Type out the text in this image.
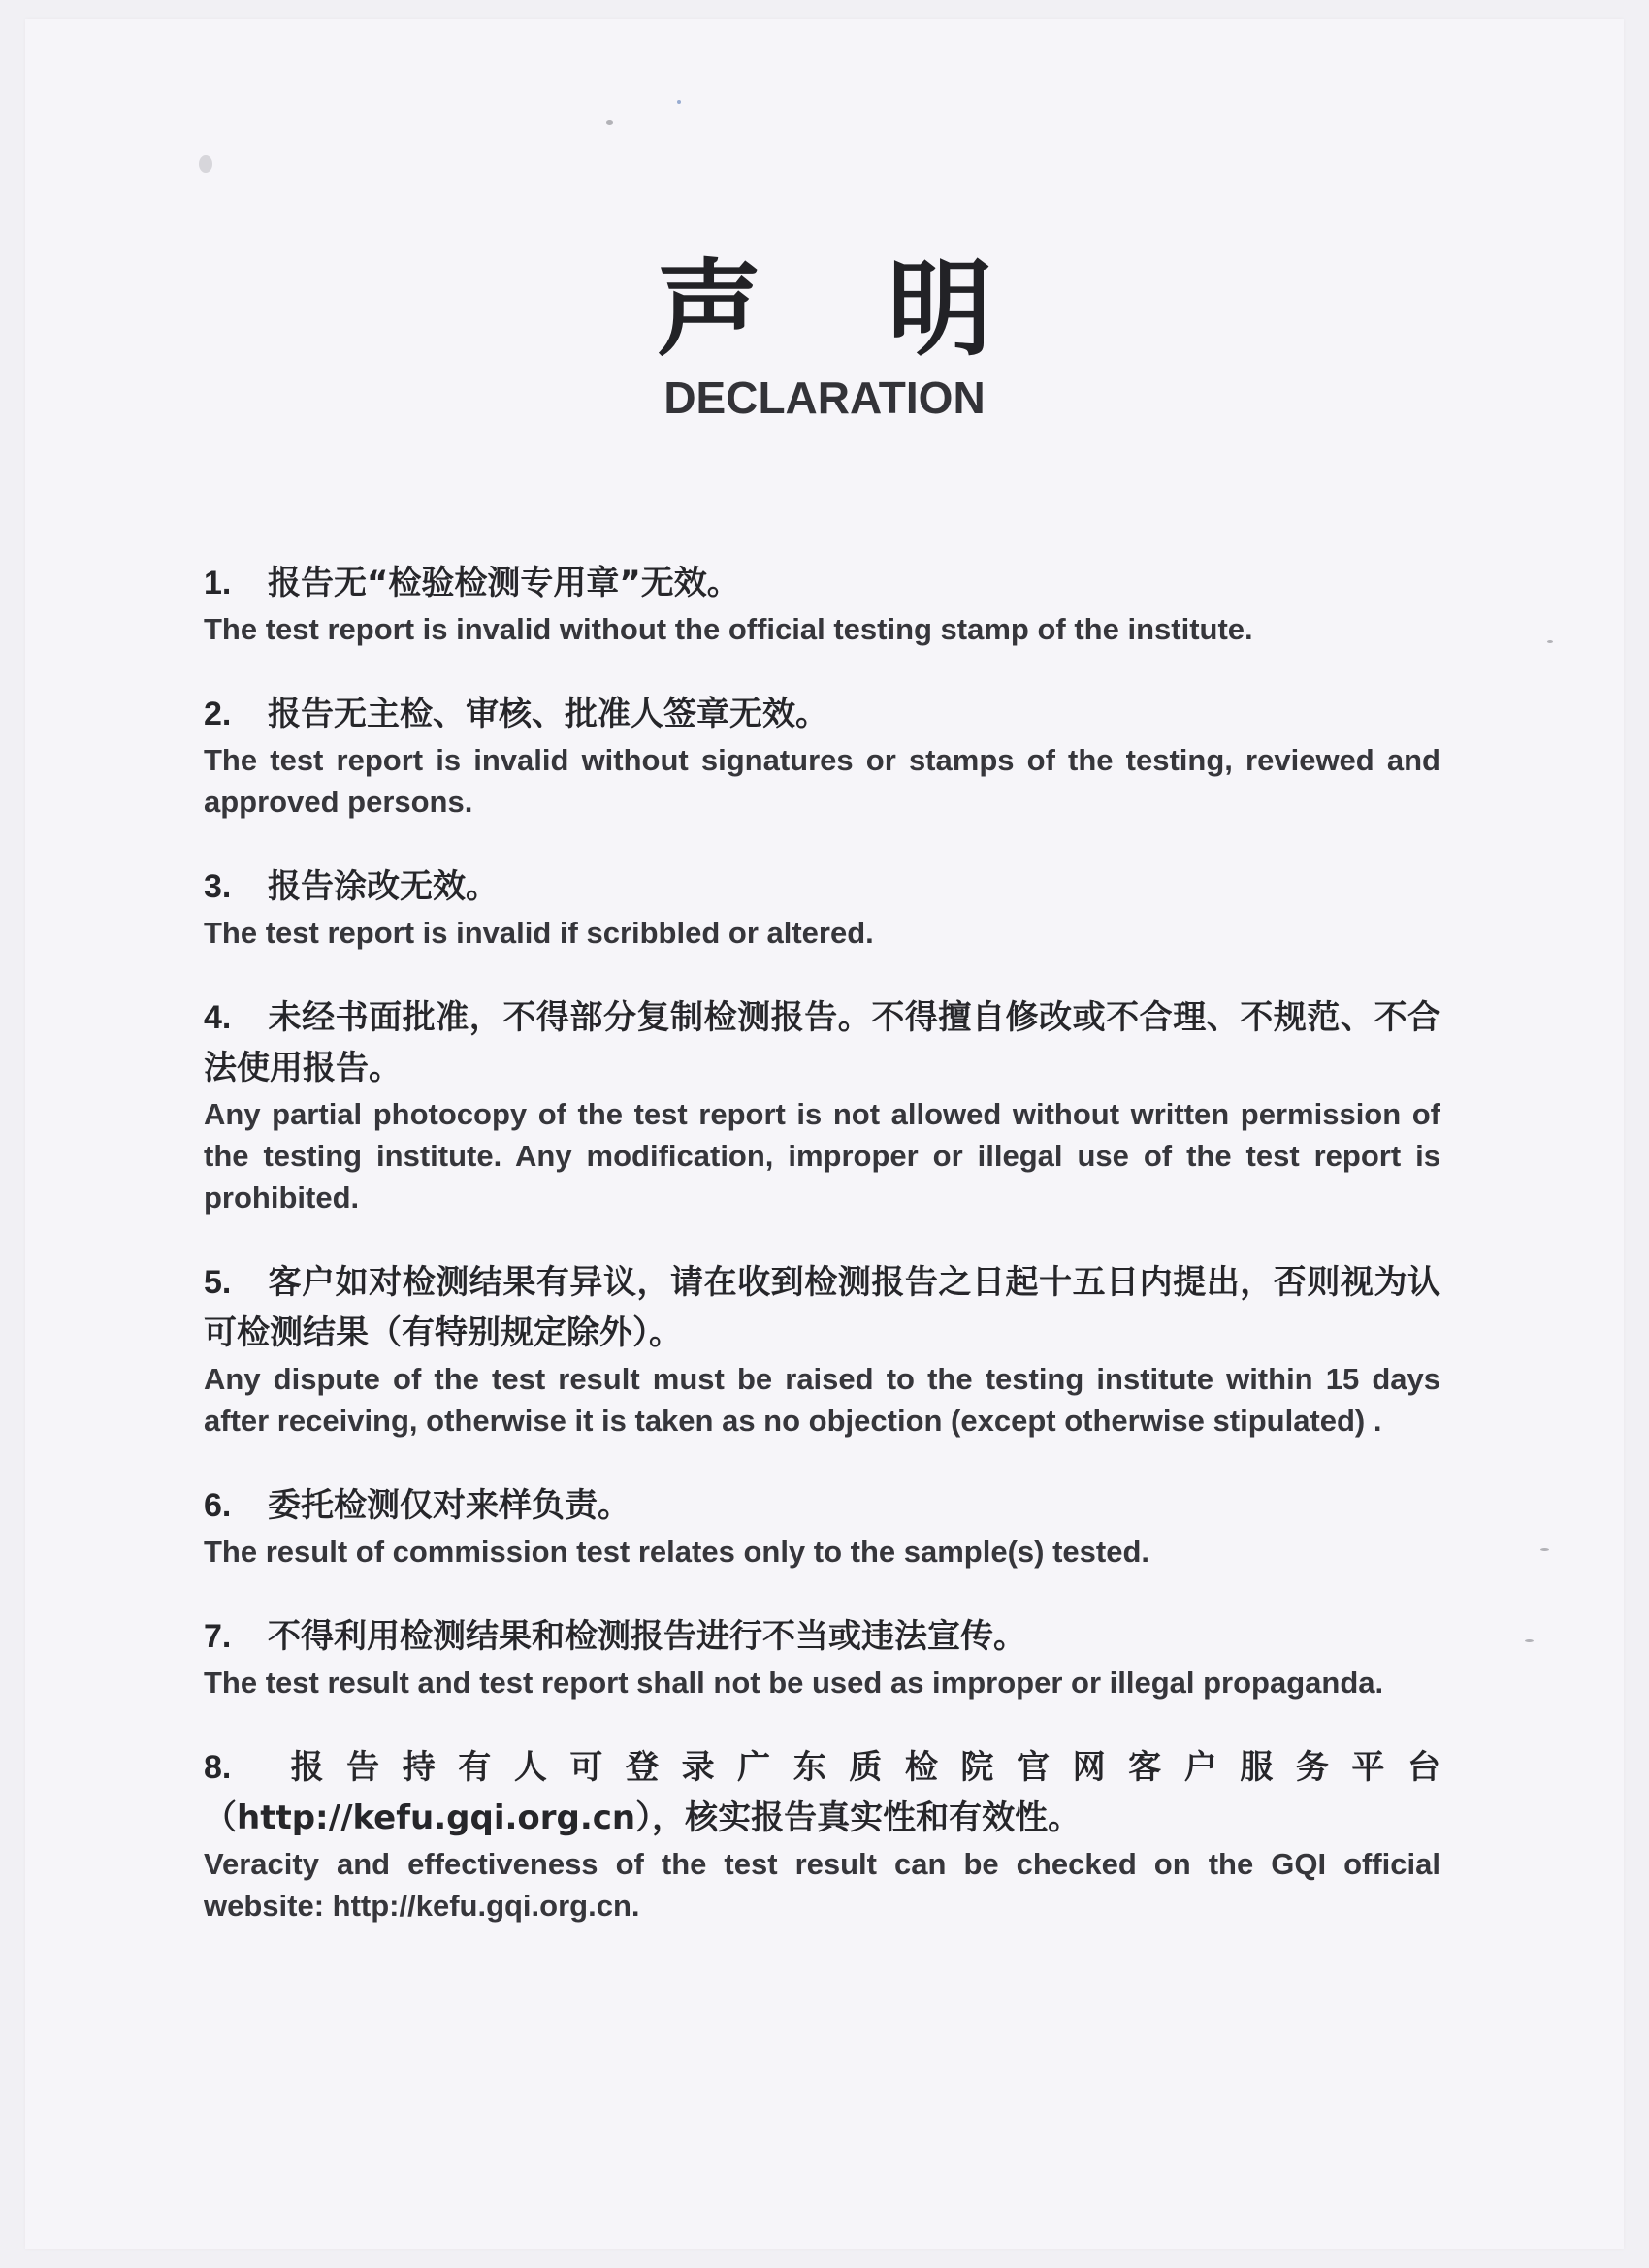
声明
DECLARATION

1. 报告无“检验检测专用章”无效。

The test report is invalid without the official testing stamp of the institute.

2. 报告无主检、审核、批准人签章无效。

The test report is invalid without signatures or stamps of the testing, reviewed and approved persons.

3. 报告涂改无效。

The test report is invalid if scribbled or altered.

4. 未经书面批准，不得部分复制检测报告。不得擅自修改或不合理、不规范、不合法使用报告。

Any partial photocopy of the test report is not allowed without written permission of the testing institute. Any modification, improper or illegal use of the test report is prohibited.

5. 客户如对检测结果有异议，请在收到检测报告之日起十五日内提出，否则视为认可检测结果（有特别规定除外）。

Any dispute of the test result must be raised to the testing institute within 15 days after receiving, otherwise it is taken as no objection (except otherwise stipulated) .

6. 委托检测仅对来样负责。

The result of commission test relates only to the sample(s) tested.

7. 不得利用检测结果和检测报告进行不当或违法宣传。

The test result and test report shall not be used as improper or illegal propaganda.

8. 报告持有人可登录广东质检院官网客户服务平台（http://kefu.gqi.org.cn），核实报告真实性和有效性。

Veracity and effectiveness of the test result can be checked on the GQI official website: http://kefu.gqi.org.cn.
